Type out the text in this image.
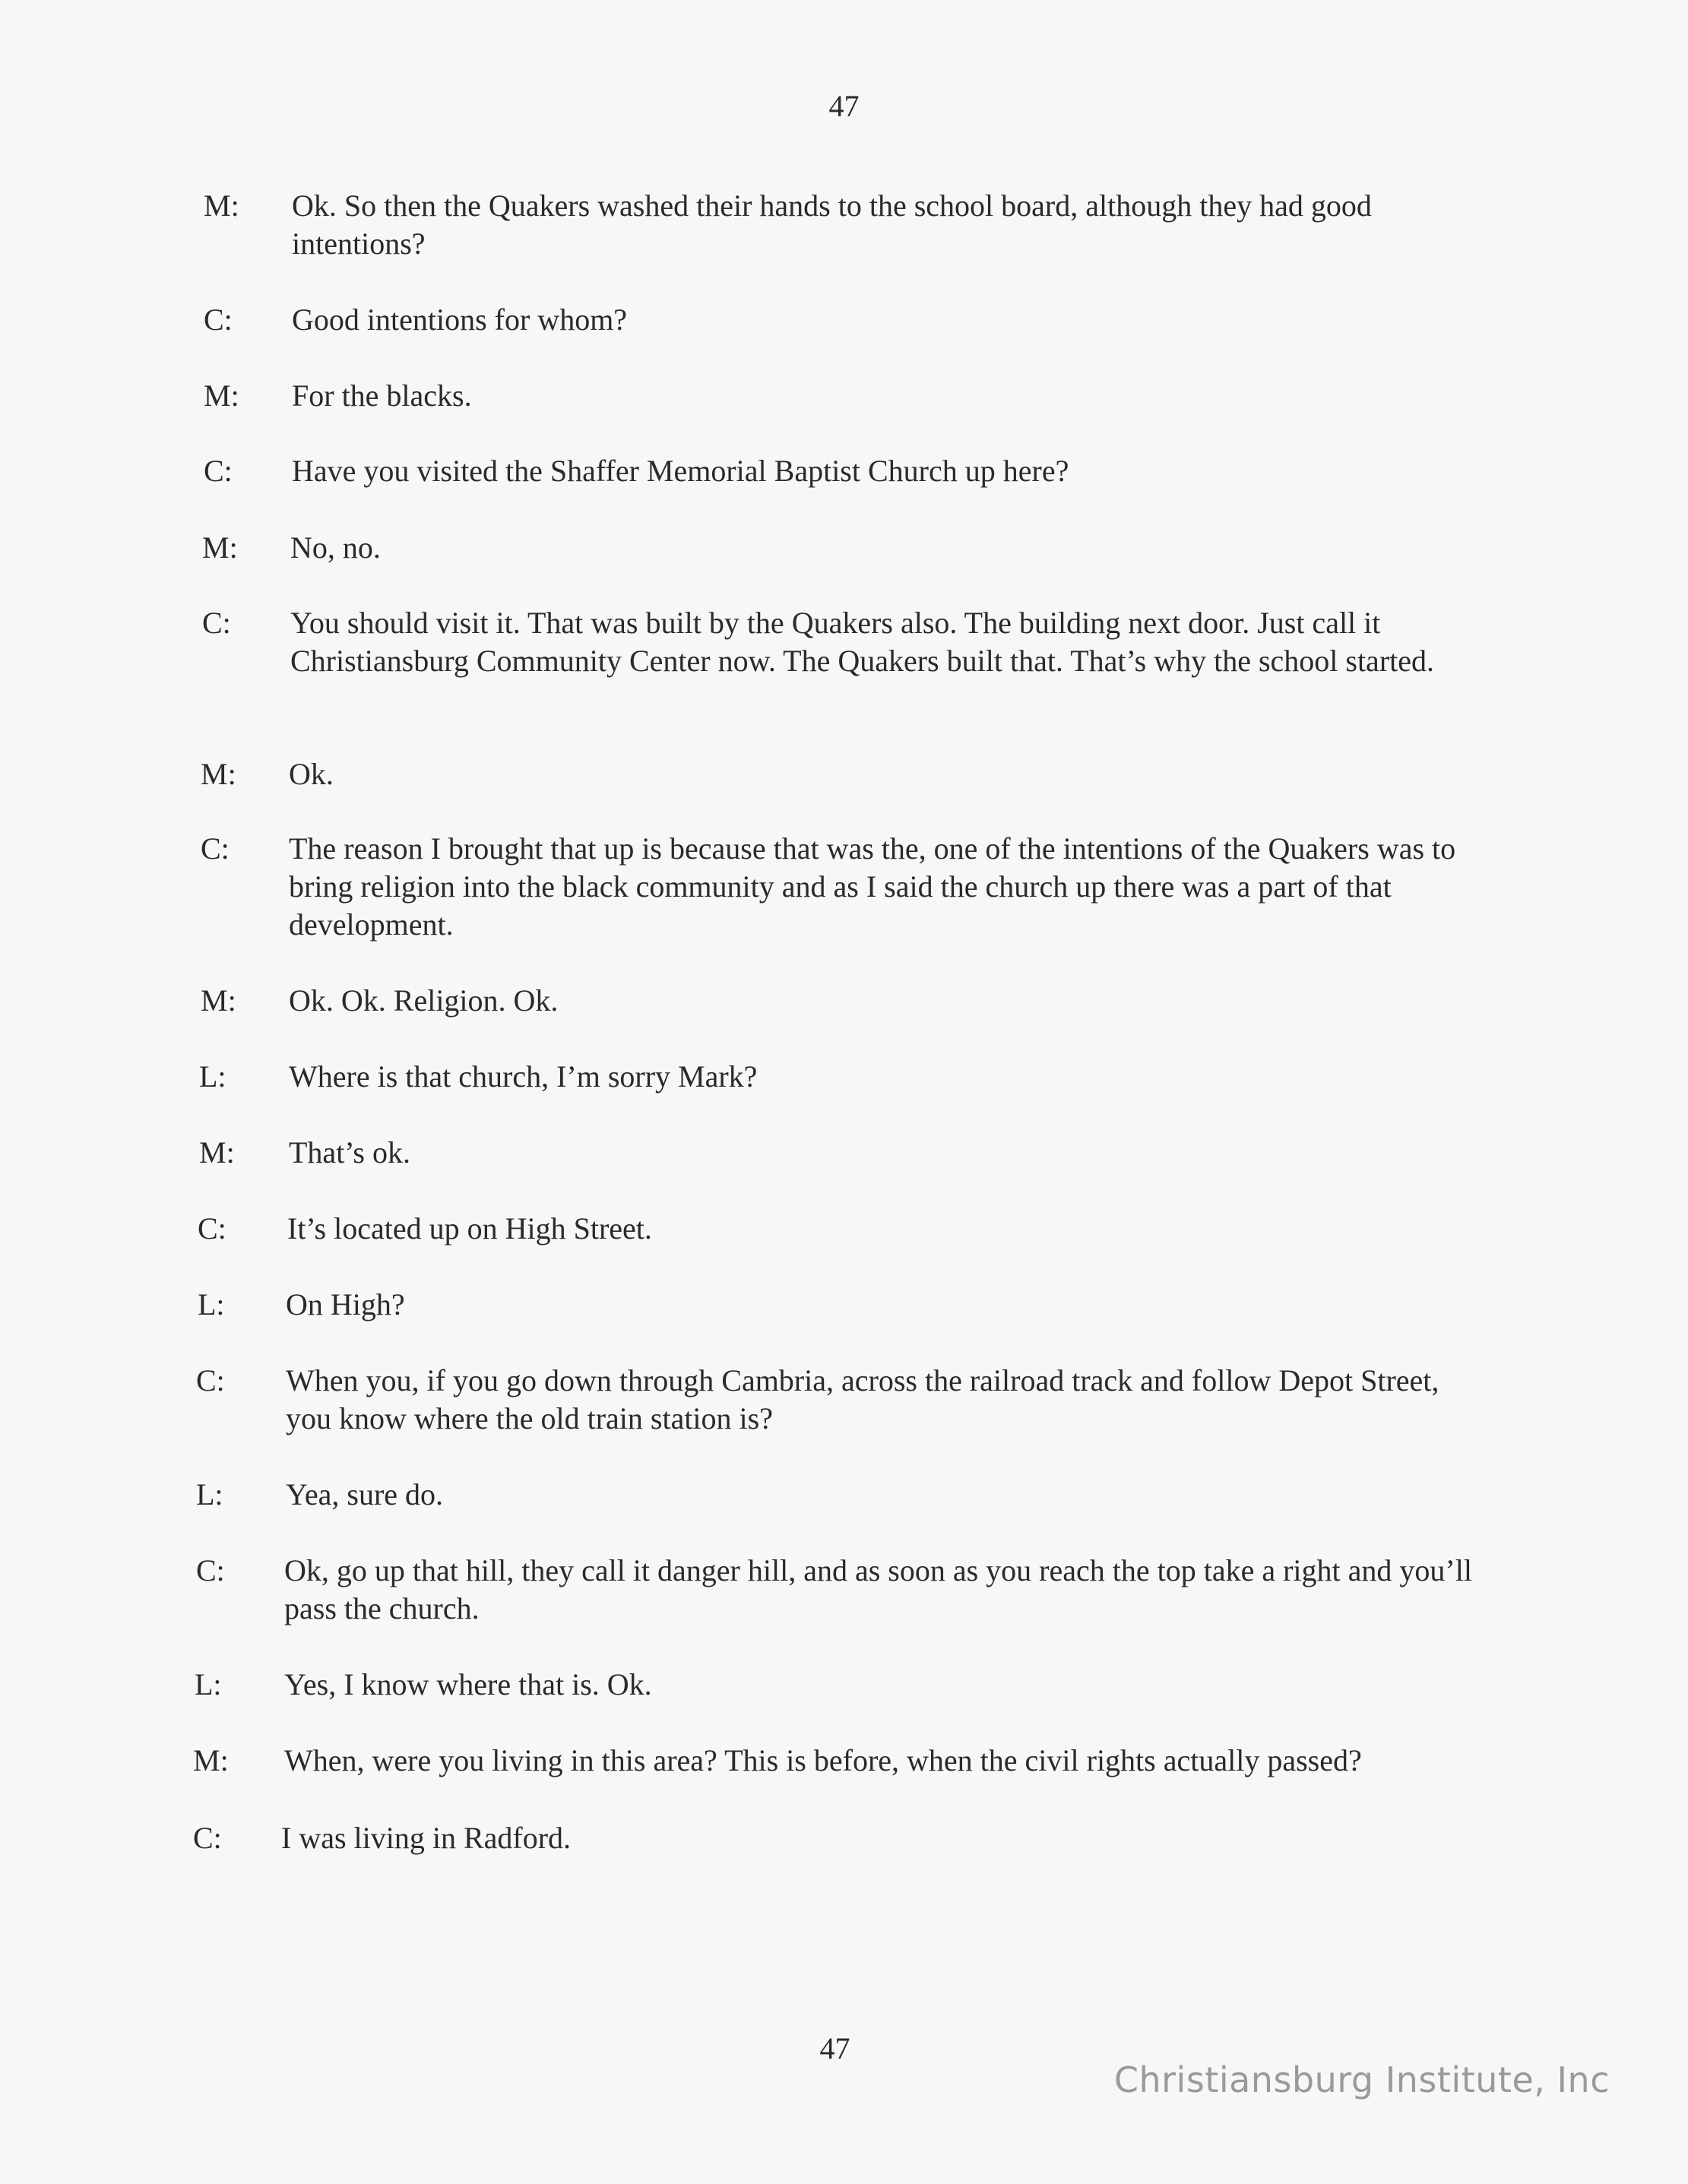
47
M: Ok. So then the Quakers washed their hands to the school board, although they had good intentions?
C: Good intentions for whom?
M: For the blacks.
C: Have you visited the Shaffer Memorial Baptist Church up here?
M: No, no.
C: You should visit it. That was built by the Quakers also. The building next door. Just call it Christiansburg Community Center now. The Quakers built that. That’s why the school started.
M: Ok.
C: The reason I brought that up is because that was the, one of the intentions of the Quakers was to bring religion into the black community and as I said the church up there was a part of that development.
M: Ok. Ok. Religion. Ok.
L: Where is that church, I’m sorry Mark?
M: That’s ok.
C: It’s located up on High Street.
L: On High?
C: When you, if you go down through Cambria, across the railroad track and follow Depot Street, you know where the old train station is?
L: Yea, sure do.
C: Ok, go up that hill, they call it danger hill, and as soon as you reach the top take a right and you’ll pass the church.
L: Yes, I know where that is. Ok.
M: When, were you living in this area? This is before, when the civil rights actually passed?
C: I was living in Radford.
47
Christiansburg Institute, Inc
